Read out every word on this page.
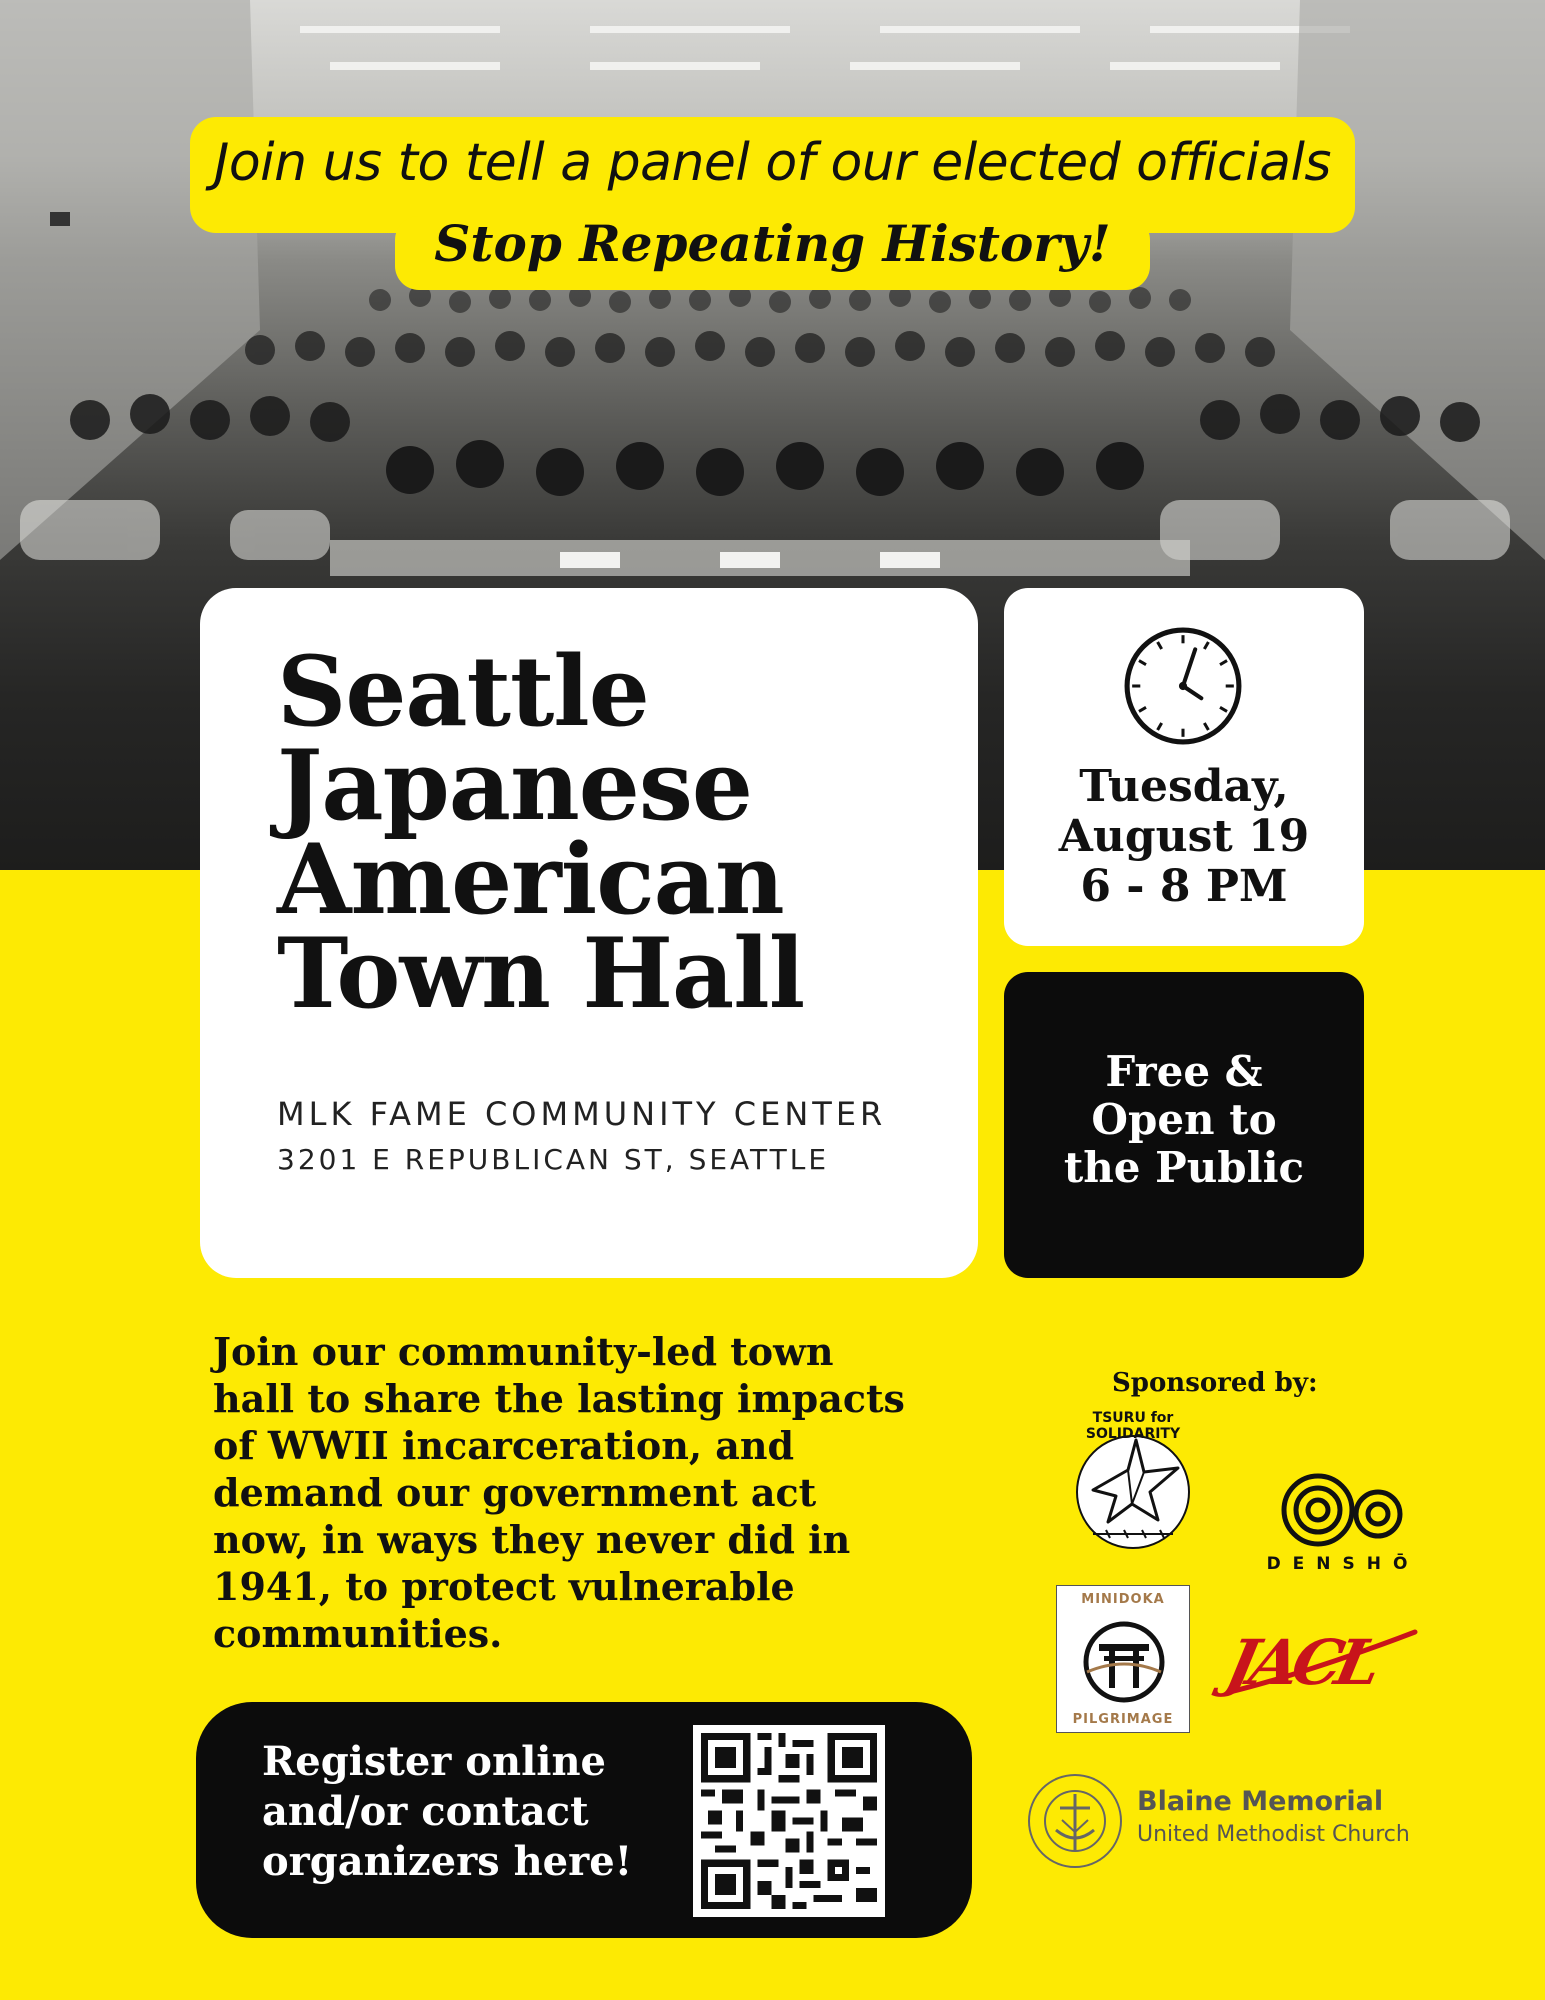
Join us to tell a panel of our elected officials
Stop Repeating History!
Seattle
Japanese
American
Town Hall
MLK FAME COMMUNITY CENTER
3201 E REPUBLICAN ST, SEATTLE
Tuesday,
August 19
6 - 8 PM
Free &
Open to
the Public
Join our community-led town
hall to share the lasting impacts
of WWII incarceration, and
demand our government act
now, in ways they never did in
1941, to protect vulnerable
communities.
Register online
and/or contact
organizers here!
Sponsored by:
TSURU for SOLIDARITY
DENSHŌ
MINIDOKA
PILGRIMAGE
JACL
Blaine Memorial
United Methodist Church
